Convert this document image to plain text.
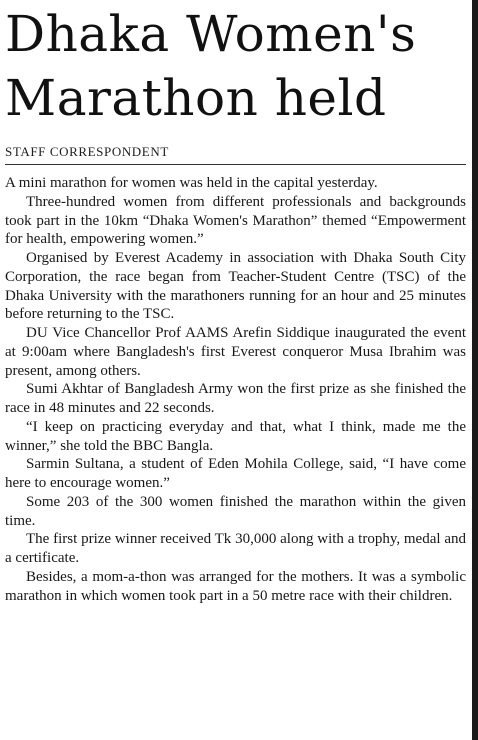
Dhaka Women's
Marathon held
STAFF CORRESPONDENT

A mini marathon for women was held in the capital yesterday.

Three-hundred women from different professionals and backgrounds took part in the 10km “Dhaka Women's Marathon” themed “Empowerment for health, empowering women.”

Organised by Everest Academy in association with Dhaka South City Corporation, the race began from Teacher-Student Centre (TSC) of the Dhaka University with the marathoners running for an hour and 25 minutes before returning to the TSC.

DU Vice Chancellor Prof AAMS Arefin Siddique inaugurated the event at 9:00am where Bangladesh's first Everest conqueror Musa Ibrahim was present, among others.

Sumi Akhtar of Bangladesh Army won the first prize as she finished the race in 48 minutes and 22 seconds.

“I keep on practicing everyday and that, what I think, made me the winner,” she told the BBC Bangla.

Sarmin Sultana, a student of Eden Mohila College, said, “I have come here to encourage women.”

Some 203 of the 300 women finished the marathon within the given time.

The first prize winner received Tk 30,000 along with a trophy, medal and a certificate.

Besides, a mom-a-thon was arranged for the mothers. It was a symbolic marathon in which women took part in a 50 metre race with their children.
